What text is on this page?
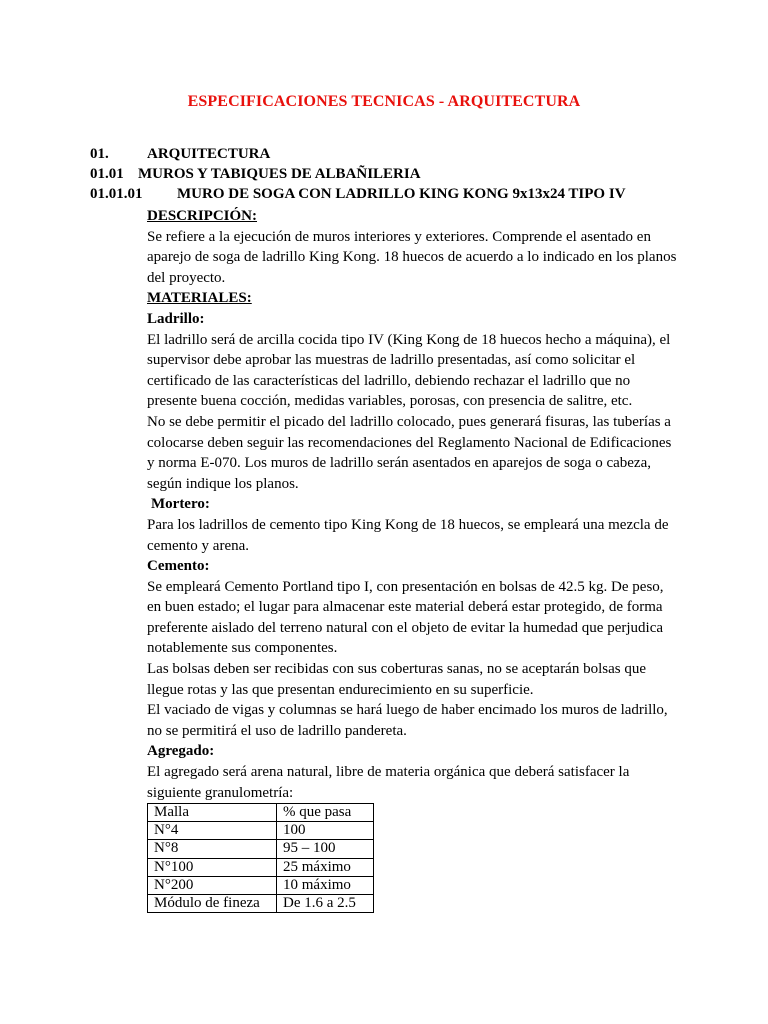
ESPECIFICACIONES TECNICAS - ARQUITECTURA
01.	ARQUITECTURA
01.01 MUROS Y TABIQUES DE ALBAÑILERIA
01.01.01 MURO DE SOGA CON LADRILLO KING KONG 9x13x24 TIPO IV

DESCRIPCIÓN:

Se refiere a la ejecución de muros interiores y exteriores. Comprende el asentado en aparejo de soga de ladrillo King Kong. 18 huecos de acuerdo a lo indicado en los planos del proyecto.

MATERIALES:

Ladrillo:

El ladrillo será de arcilla cocida tipo IV (King Kong de 18 huecos hecho a máquina), el supervisor debe aprobar las muestras de ladrillo presentadas, así como solicitar el certificado de las características del ladrillo, debiendo rechazar el ladrillo que no presente buena cocción, medidas variables, porosas, con presencia de salitre, etc.

No se debe permitir el picado del ladrillo colocado, pues generará fisuras, las tuberías a colocarse deben seguir las recomendaciones del Reglamento Nacional de Edificaciones y norma E-070. Los muros de ladrillo serán asentados en aparejos de soga o cabeza, según indique los planos.

Mortero:

Para los ladrillos de cemento tipo King Kong de 18 huecos, se empleará una mezcla de cemento y arena.

Cemento:

Se empleará Cemento Portland tipo I, con presentación en bolsas de 42.5 kg. De peso, en buen estado; el lugar para almacenar este material deberá estar protegido, de forma preferente aislado del terreno natural con el objeto de evitar la humedad que perjudica notablemente sus componentes.

Las bolsas deben ser recibidas con sus coberturas sanas, no se aceptarán bolsas que llegue rotas y las que presentan endurecimiento en su superficie.

El vaciado de vigas y columnas se hará luego de haber encimado los muros de ladrillo, no se permitirá el uso de ladrillo pandereta.

Agregado:

El agregado será arena natural, libre de materia orgánica que deberá satisfacer la siguiente granulometría:

Malla	% que pasa
N°4	100
N°8	95 – 100
N°100	25 máximo
N°200	10 máximo
Módulo de fineza	De 1.6 a 2.5
